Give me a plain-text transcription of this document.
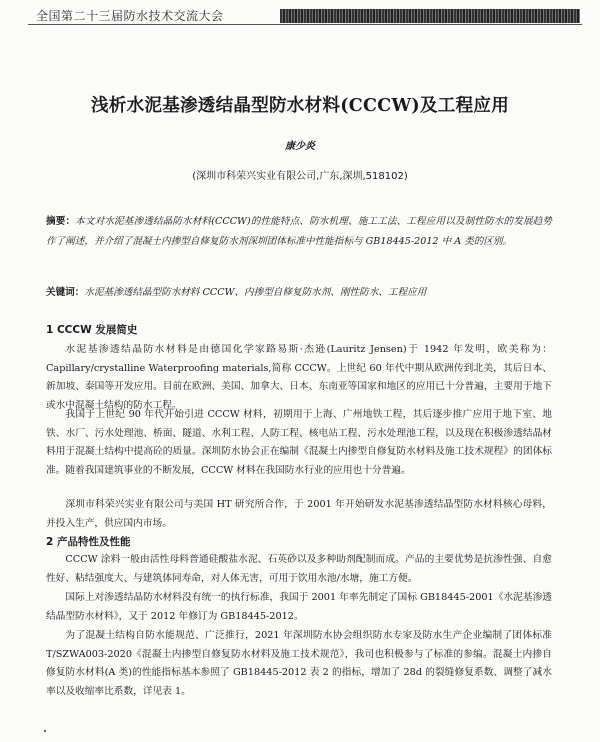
全国第二十三届防水技术交流大会
浅析水泥基渗透结晶型防水材料(CCCW)及工程应用
康少炎
(深圳市科荣兴实业有限公司,广东,深圳,518102)
摘要：本文对水泥基渗透结晶防水材料(CCCW)的性能特点、防水机理、施工工法、工程应用以及制性防水的发展趋势作了阐述，并介绍了混凝土内掺型自修复防水剂深圳团体标准中性能指标与 GB18445-2012 中 A 类的区别。
关键词：水泥基渗透结晶型防水材料 CCCW、内掺型自修复防水剂、刚性防水、工程应用
1 CCCW 发展简史
水泥基渗透结晶防水材料是由德国化学家路易斯·杰逊(Lauritz Jensen)于 1942 年发明，欧美称为：Capillary/crystalline Waterproofing materials,简称 CCCW。上世纪 60 年代中期从欧洲传到北美，其后日本、新加坡、泰国等开发应用。目前在欧洲、美国、加拿大、日本、东南亚等国家和地区的应用已十分普遍，主要用于地下或水中混凝土结构的防水工程。
我国于上世纪 90 年代开始引进 CCCW 材料，初期用于上海、广州地铁工程，其后逐步推广应用于地下室、地铁、水厂、污水处理池、桥面、隧道、水利工程、人防工程、核电站工程、污水处理池工程，以及现在积极渗透结晶材料用于混凝土结构中提高砼的质量。深圳防水协会正在编制《混凝土内掺型自修复防水材料及施工技术规程》的团体标准。随着我国建筑事业的不断发展，CCCW 材料在我国防水行业的应用也十分普遍。
深圳市科荣兴实业有限公司与美国 HT 研究所合作，于 2001 年开始研发水泥基渗透结晶型防水材料核心母料，并投入生产，供应国内市场。
2 产品特性及性能
CCCW 涂料一般由活性母料普通硅酸盐水泥、石英砂以及多种助剂配制而成。产品的主要优势是抗渗性强、自愈性好、粘结强度大、与建筑体同寿命，对人体无害，可用于饮用水池/水塘，施工方便。
国际上对渗透结晶防水材料没有统一的执行标准，我国于 2001 年率先制定了国标 GB18445-2001《水泥基渗透结晶型防水材料》，又于 2012 年修订为 GB18445-2012。
为了混凝土结构自防水能规范、广泛推行，2021 年深圳防水协会组织防水专家及防水生产企业编制了团体标准 T/SZWA003-2020《混凝土内掺型自修复防水材料及施工技术规范》，我司也积极参与了标准的参编。混凝土内掺自修复防水材料(A 类)的性能指标基本参照了 GB18445-2012 表 2 的指标，增加了 28d 的裂缝修复系数、调整了减水率以及收缩率比系数，详见表 1。
